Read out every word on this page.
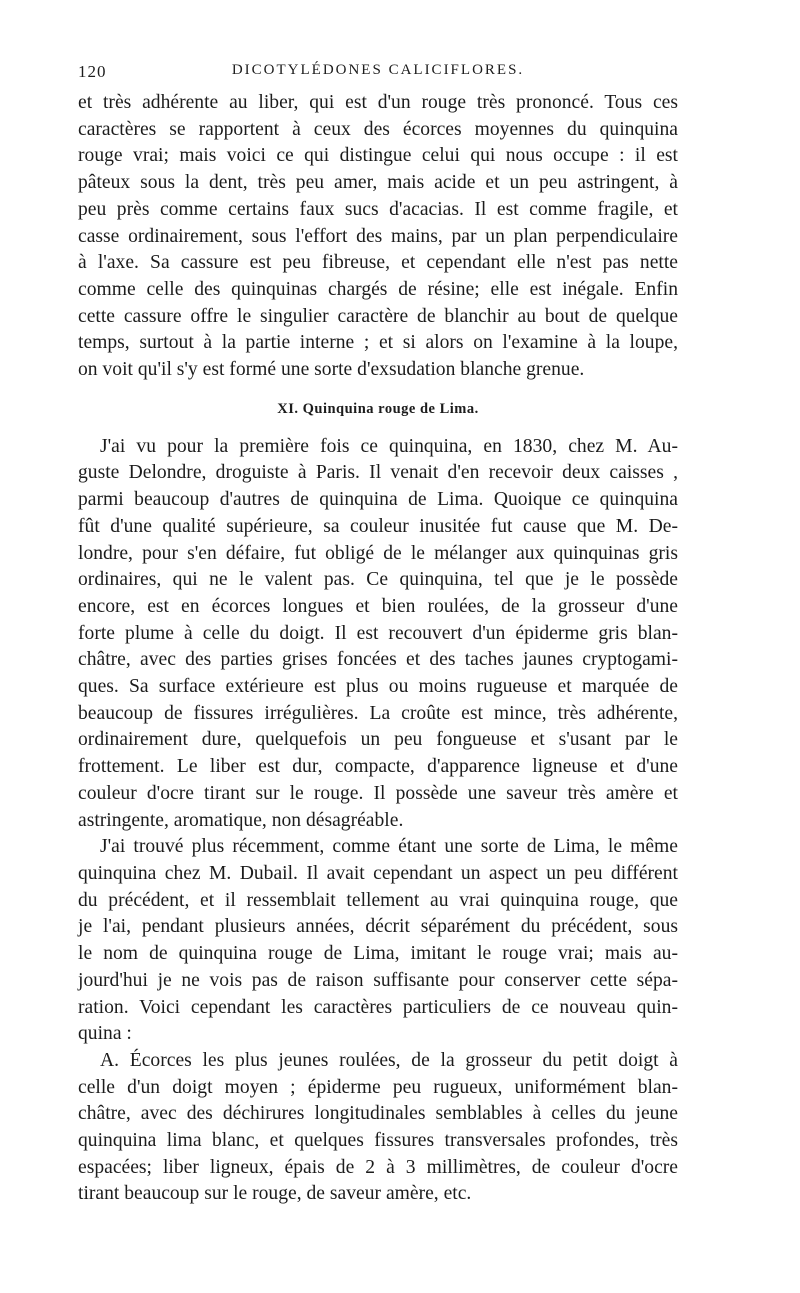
120	DICOTYLÉDONES CALICIFLORES.
et très adhérente au liber, qui est d'un rouge très prononcé. Tous ces
caractères se rapportent à ceux des écorces moyennes du quinquina
rouge vrai; mais voici ce qui distingue celui qui nous occupe : il est
pâteux sous la dent, très peu amer, mais acide et un peu astringent, à
peu près comme certains faux sucs d'acacias. Il est comme fragile, et
casse ordinairement, sous l'effort des mains, par un plan perpendiculaire
à l'axe. Sa cassure est peu fibreuse, et cependant elle n'est pas nette
comme celle des quinquinas chargés de résine; elle est inégale. Enfin
cette cassure offre le singulier caractère de blanchir au bout de quelque
temps, surtout à la partie interne ; et si alors on l'examine à la loupe,
on voit qu'il s'y est formé une sorte d'exsudation blanche grenue.
XI. Quinquina rouge de Lima.
J'ai vu pour la première fois ce quinquina, en 1830, chez M. Au-
guste Delondre, droguiste à Paris. Il venait d'en recevoir deux caisses ,
parmi beaucoup d'autres de quinquina de Lima. Quoique ce quinquina
fût d'une qualité supérieure, sa couleur inusitée fut cause que M. De-
londre, pour s'en défaire, fut obligé de le mélanger aux quinquinas gris
ordinaires, qui ne le valent pas. Ce quinquina, tel que je le possède
encore, est en écorces longues et bien roulées, de la grosseur d'une
forte plume à celle du doigt. Il est recouvert d'un épiderme gris blan-
châtre, avec des parties grises foncées et des taches jaunes cryptogami-
ques. Sa surface extérieure est plus ou moins rugueuse et marquée de
beaucoup de fissures irrégulières. La croûte est mince, très adhérente,
ordinairement dure, quelquefois un peu fongueuse et s'usant par le
frottement. Le liber est dur, compacte, d'apparence ligneuse et d'une
couleur d'ocre tirant sur le rouge. Il possède une saveur très amère et
astringente, aromatique, non désagréable.
J'ai trouvé plus récemment, comme étant une sorte de Lima, le même
quinquina chez M. Dubail. Il avait cependant un aspect un peu différent
du précédent, et il ressemblait tellement au vrai quinquina rouge, que
je l'ai, pendant plusieurs années, décrit séparément du précédent, sous
le nom de quinquina rouge de Lima, imitant le rouge vrai; mais au-
jourd'hui je ne vois pas de raison suffisante pour conserver cette sépa-
ration. Voici cependant les caractères particuliers de ce nouveau quin-
quina :
A. Écorces les plus jeunes roulées, de la grosseur du petit doigt à
celle d'un doigt moyen ; épiderme peu rugueux, uniformément blan-
châtre, avec des déchirures longitudinales semblables à celles du jeune
quinquina lima blanc, et quelques fissures transversales profondes, très
espacées; liber ligneux, épais de 2 à 3 millimètres, de couleur d'ocre
tirant beaucoup sur le rouge, de saveur amère, etc.
